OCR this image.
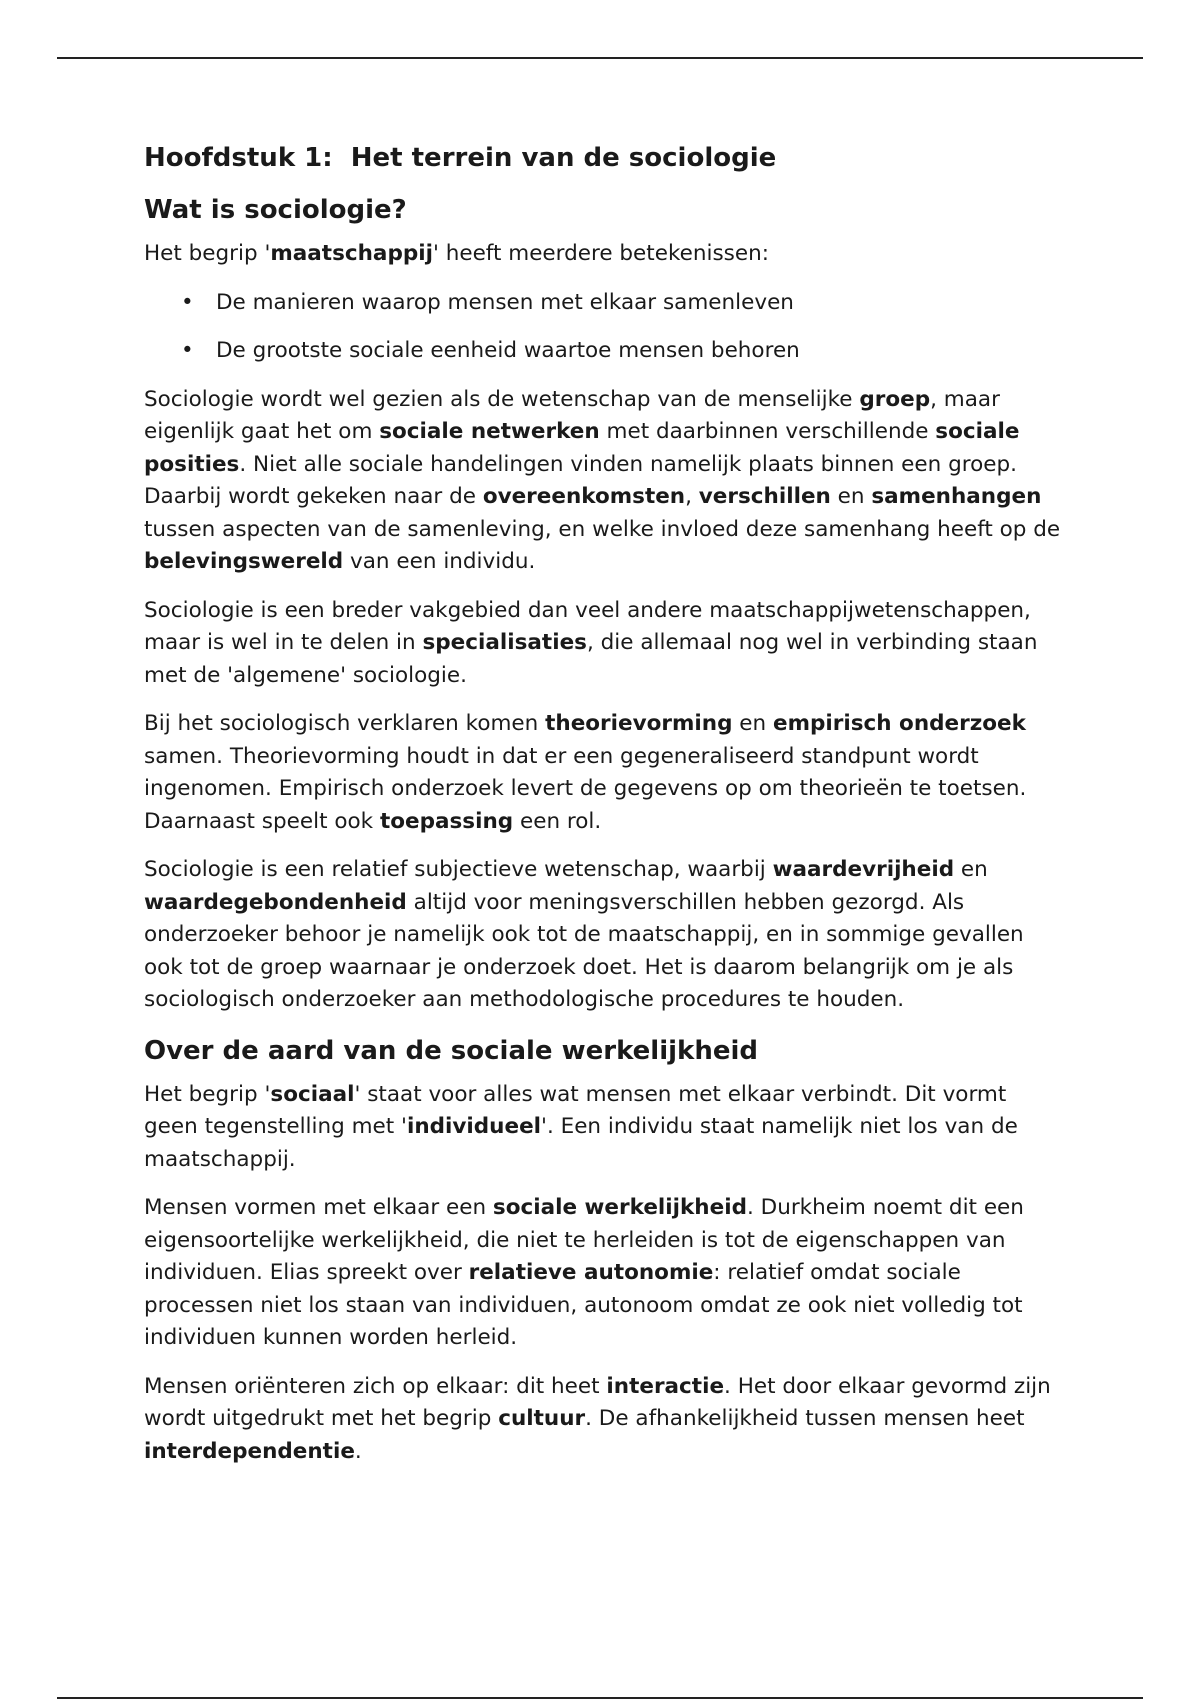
Hoofdstuk 1:  Het terrein van de sociologie
Wat is sociologie?

Het begrip 'maatschappij' heeft meerdere betekenissen:

• De manieren waarop mensen met elkaar samenleven
• De grootste sociale eenheid waartoe mensen behoren

Sociologie wordt wel gezien als de wetenschap van de menselijke groep, maar eigenlijk gaat het om sociale netwerken met daarbinnen verschillende sociale posities. Niet alle sociale handelingen vinden namelijk plaats binnen een groep. Daarbij wordt gekeken naar de overeenkomsten, verschillen en samenhangen tussen aspecten van de samenleving, en welke invloed deze samenhang heeft op de belevingswereld van een individu.

Sociologie is een breder vakgebied dan veel andere maatschappijwetenschappen, maar is wel in te delen in specialisaties, die allemaal nog wel in verbinding staan met de 'algemene' sociologie.

Bij het sociologisch verklaren komen theorievorming en empirisch onderzoek samen. Theorievorming houdt in dat er een gegeneraliseerd standpunt wordt ingenomen. Empirisch onderzoek levert de gegevens op om theorieën te toetsen. Daarnaast speelt ook toepassing een rol.

Sociologie is een relatief subjectieve wetenschap, waarbij waardevrijheid en waardegebondenheid altijd voor meningsverschillen hebben gezorgd. Als onderzoeker behoor je namelijk ook tot de maatschappij, en in sommige gevallen ook tot de groep waarnaar je onderzoek doet. Het is daarom belangrijk om je als sociologisch onderzoeker aan methodologische procedures te houden.

Over de aard van de sociale werkelijkheid

Het begrip 'sociaal' staat voor alles wat mensen met elkaar verbindt. Dit vormt geen tegenstelling met 'individueel'. Een individu staat namelijk niet los van de maatschappij.

Mensen vormen met elkaar een sociale werkelijkheid. Durkheim noemt dit een eigensoortelijke werkelijkheid, die niet te herleiden is tot de eigenschappen van individuen. Elias spreekt over relatieve autonomie: relatief omdat sociale processen niet los staan van individuen, autonoom omdat ze ook niet volledig tot individuen kunnen worden herleid.

Mensen oriënteren zich op elkaar: dit heet interactie. Het door elkaar gevormd zijn wordt uitgedrukt met het begrip cultuur. De afhankelijkheid tussen mensen heet interdependentie.
